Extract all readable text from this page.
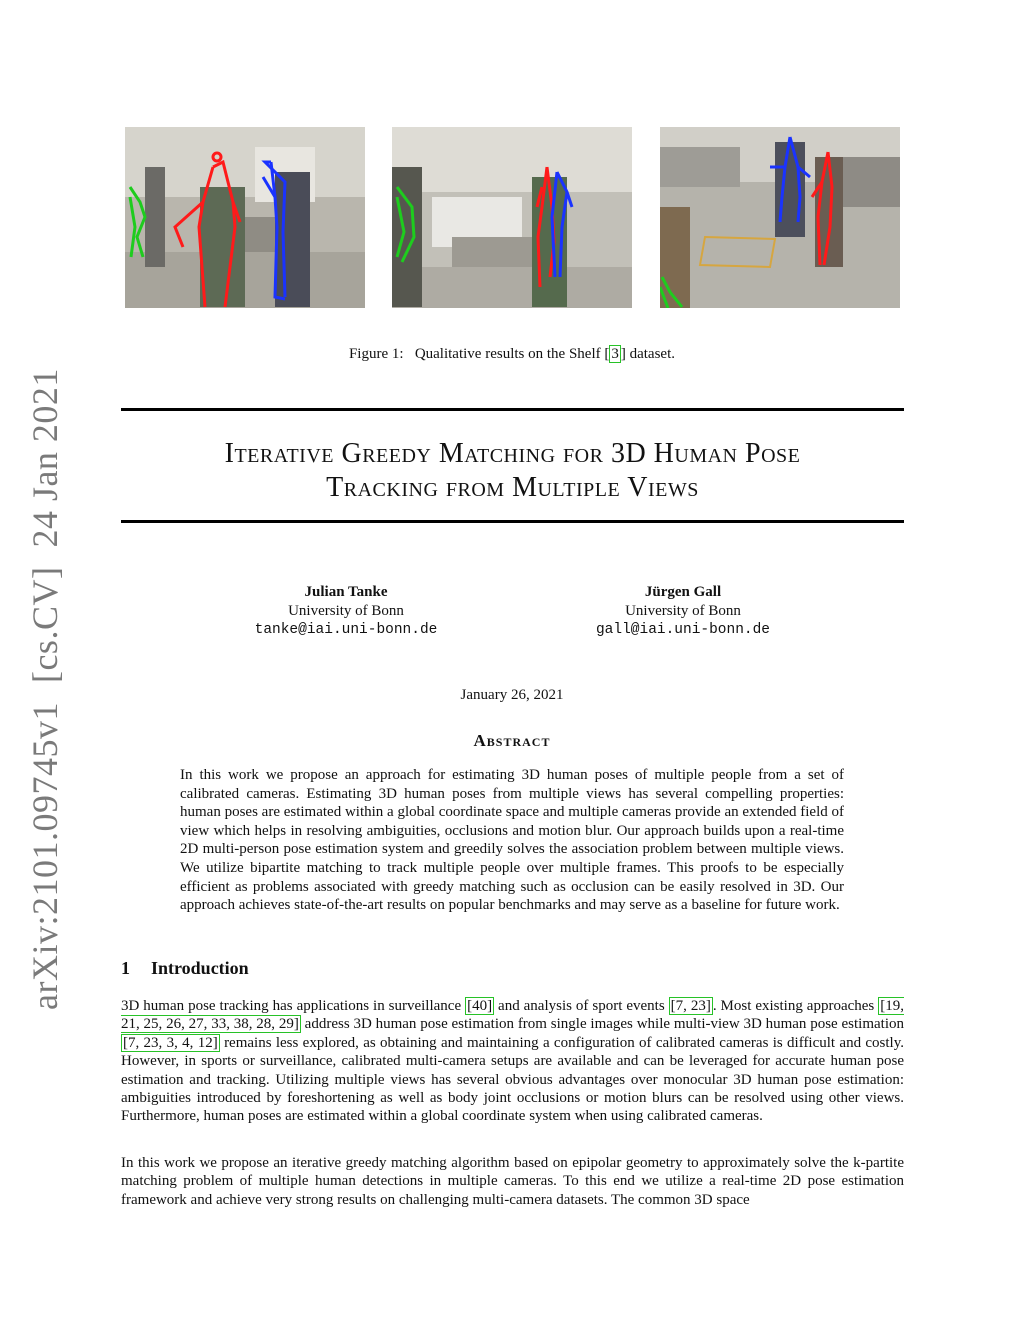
arXiv:2101.09745v1  [cs.CV]  24 Jan 2021
Figure 1: Qualitative results on the Shelf [ 3 ] dataset.
Iterative Greedy Matching for 3D Human Pose
Tracking from Multiple Views
Julian Tanke
University of Bonn
tanke@iai.uni-bonn.de
Jürgen Gall
University of Bonn
gall@iai.uni-bonn.de
January 26, 2021
Abstract
In this work we propose an approach for estimating 3D human poses of multiple people from a set of calibrated cameras. Estimating 3D human poses from multiple views has several compelling properties: human poses are estimated within a global coordinate space and multiple cameras provide an extended field of view which helps in resolving ambiguities, occlusions and motion blur. Our approach builds upon a real-time 2D multi-person pose estimation system and greedily solves the association problem between multiple views. We utilize bipartite matching to track multiple people over multiple frames. This proofs to be especially efficient as problems associated with greedy matching such as occlusion can be easily resolved in 3D. Our approach achieves state-of-the-art results on popular benchmarks and may serve as a baseline for future work.
1 Introduction
3D human pose tracking has applications in surveillance [40] and analysis of sport events [7, 23] . Most existing approaches [19, 21, 25, 26, 27, 33, 38, 28, 29] address 3D human pose estimation from single images while multi-view 3D human pose estimation [7, 23, 3, 4, 12] remains less explored, as obtaining and maintaining a configuration of calibrated cameras is difficult and costly. However, in sports or surveillance, calibrated multi-camera setups are available and can be leveraged for accurate human pose estimation and tracking. Utilizing multiple views has several obvious advantages over monocular 3D human pose estimation: ambiguities introduced by foreshortening as well as body joint occlusions or motion blurs can be resolved using other views. Furthermore, human poses are estimated within a global coordinate system when using calibrated cameras.
In this work we propose an iterative greedy matching algorithm based on epipolar geometry to approximately solve the k-partite matching problem of multiple human detections in multiple cameras. To this end we utilize a real-time 2D pose estimation framework and achieve very strong results on challenging multi-camera datasets. The common 3D space
